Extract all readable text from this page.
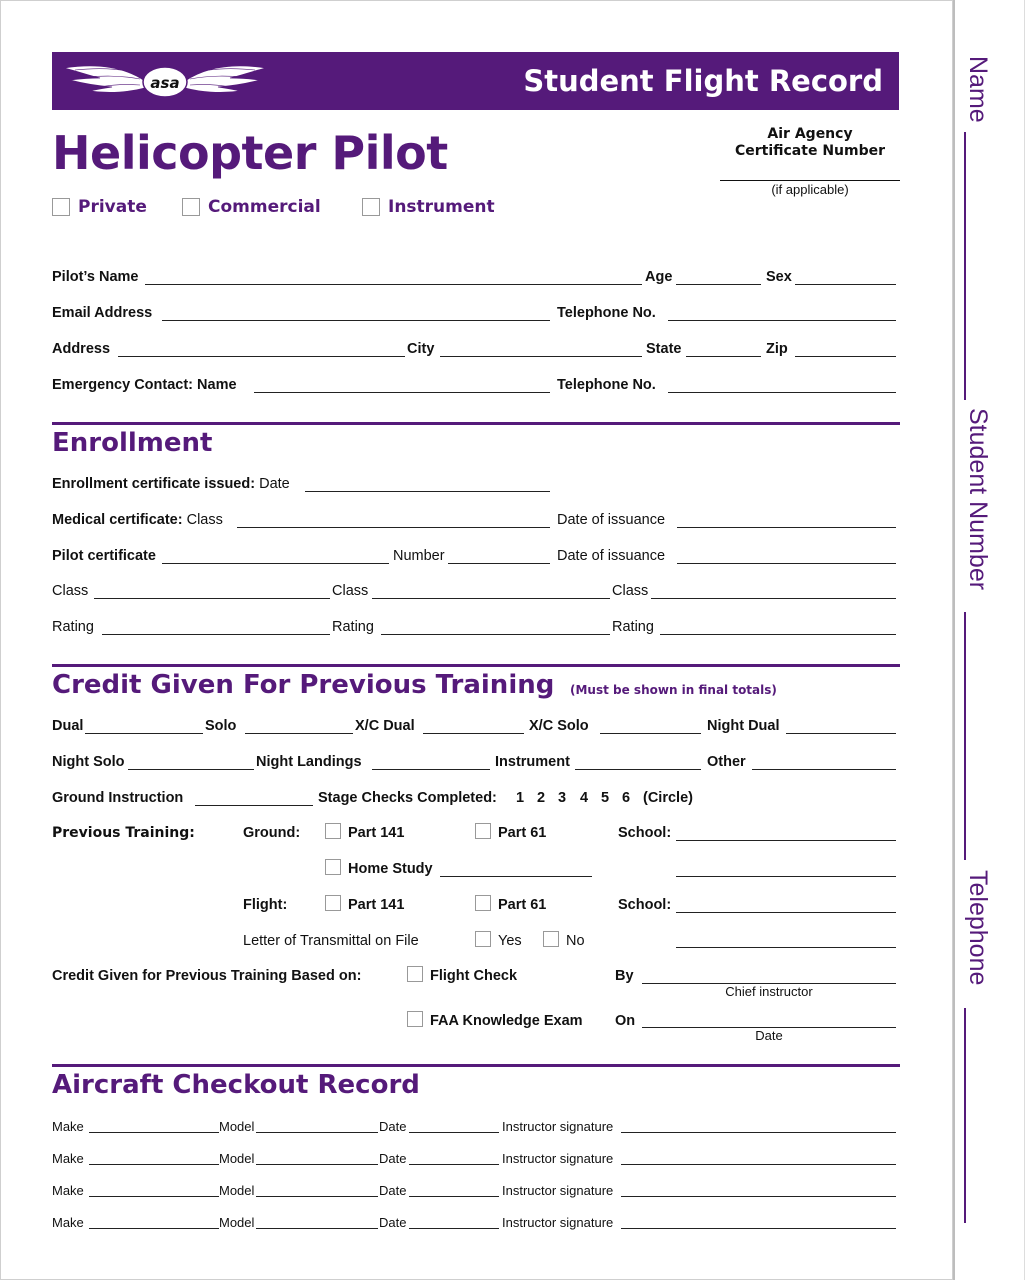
asa	Student Flight Record
Helicopter Pilot
Private	Commercial	Instrument
Air Agency
Certificate Number
(if applicable)
Pilot’s Name	Age	Sex
Email Address	Telephone No.
Address	City	State	Zip
Emergency Contact: Name	Telephone No.
Enrollment
Enrollment certificate issued: Date
Medical certificate: Class	Date of issuance
Pilot certificate	Number	Date of issuance
Class	Class	Class
Rating	Rating	Rating
Credit Given For Previous Training (Must be shown in final totals)
Dual	Solo	X/C Dual	X/C Solo	Night Dual
Night Solo	Night Landings	Instrument	Other
Ground Instruction	Stage Checks Completed: 1 2 3 4 5 6 (Circle)
Previous Training:	Ground:	Part 141	Part 61	School:
Home Study
Flight:	Part 141	Part 61	School:
Letter of Transmittal on File	Yes	No
Credit Given for Previous Training Based on:	Flight Check	By
Chief instructor
FAA Knowledge Exam On
Date
Aircraft Checkout Record
Make	Model	Date	Instructor signature
Make	Model	Date	Instructor signature
Make	Model	Date	Instructor signature
Make	Model	Date	Instructor signature
Name
Student Number
Telephone
